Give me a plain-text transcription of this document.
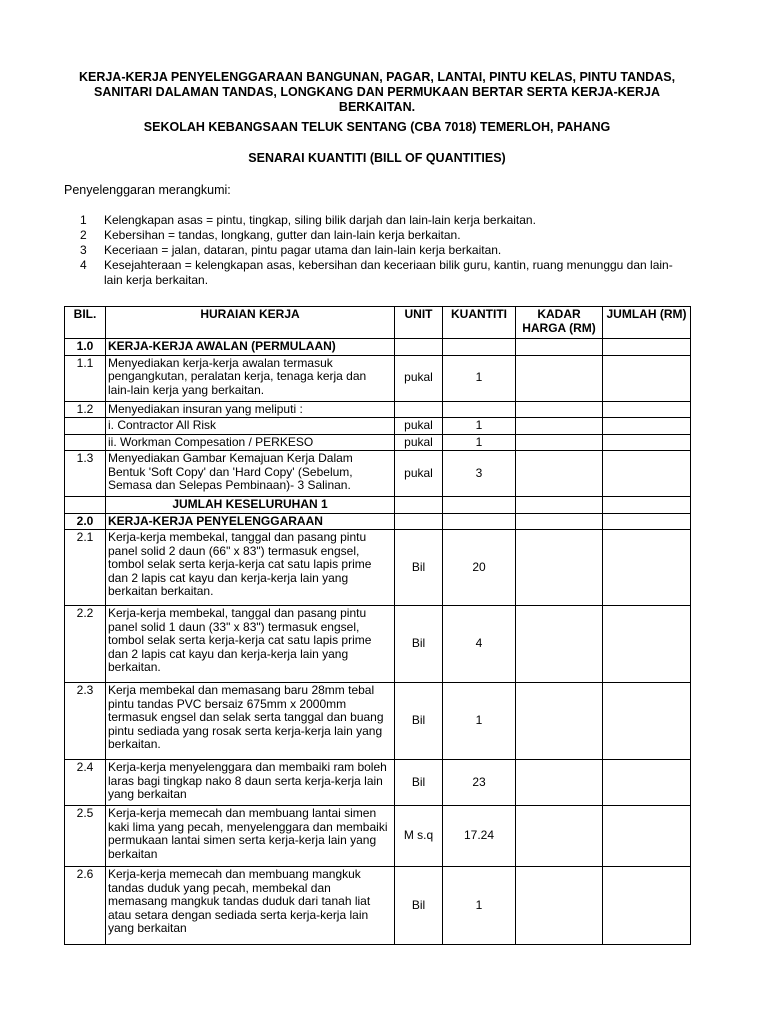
KERJA-KERJA PENYELENGGARAAN BANGUNAN, PAGAR, LANTAI, PINTU KELAS, PINTU TANDAS, SANITARI DALAMAN TANDAS, LONGKANG DAN PERMUKAAN BERTAR SERTA KERJA-KERJA BERKAITAN.
SEKOLAH KEBANGSAAN TELUK SENTANG (CBA 7018) TEMERLOH, PAHANG
SENARAI KUANTITI (BILL OF QUANTITIES)
Penyelenggaran merangkumi:
1	Kelengkapan asas = pintu, tingkap, siling bilik darjah dan lain-lain kerja berkaitan.
2	Kebersihan = tandas, longkang, gutter dan lain-lain kerja berkaitan.
3	Keceriaan = jalan, dataran, pintu pagar utama dan lain-lain kerja berkaitan.
4	Kesejahteraan = kelengkapan asas, kebersihan dan keceriaan bilik guru, kantin, ruang menunggu dan lain-lain kerja berkaitan.
BIL.	HURAIAN KERJA	UNIT	KUANTITI	KADAR HARGA (RM)	JUMLAH (RM)
1.0	KERJA-KERJA AWALAN (PERMULAAN)				
1.1	Menyediakan kerja-kerja awalan termasuk pengangkutan, peralatan kerja, tenaga kerja dan lain-lain kerja yang berkaitan.	pukal	1		
1.2	Menyediakan insuran yang meliputi :				
	i. Contractor All Risk	pukal	1		
	ii. Workman Compesation / PERKESO	pukal	1		
1.3	Menyediakan Gambar Kemajuan Kerja Dalam Bentuk 'Soft Copy' dan 'Hard Copy' (Sebelum, Semasa dan Selepas Pembinaan)- 3 Salinan.	pukal	3		
	JUMLAH KESELURUHAN 1				
2.0	KERJA-KERJA PENYELENGGARAAN				
2.1	Kerja-kerja membekal, tanggal dan pasang pintu panel solid 2 daun (66" x 83") termasuk engsel, tombol selak serta kerja-kerja cat satu lapis prime dan 2 lapis cat kayu dan kerja-kerja lain yang berkaitan berkaitan.	Bil	20		
2.2	Kerja-kerja membekal, tanggal dan pasang pintu panel solid 1 daun (33" x 83") termasuk engsel, tombol selak serta kerja-kerja cat satu lapis prime dan 2 lapis cat kayu dan kerja-kerja lain yang berkaitan.	Bil	4		
2.3	Kerja membekal dan memasang baru 28mm tebal pintu tandas PVC bersaiz 675mm x 2000mm termasuk engsel dan selak serta tanggal dan buang pintu sediada yang rosak serta kerja-kerja lain yang berkaitan.	Bil	1		
2.4	Kerja-kerja menyelenggara dan membaiki ram boleh laras bagi tingkap nako 8 daun serta kerja-kerja lain yang berkaitan	Bil	23		
2.5	Kerja-kerja memecah dan membuang lantai simen kaki lima yang pecah, menyelenggara dan membaiki permukaan lantai simen serta kerja-kerja lain yang berkaitan	M s.q	17.24		
2.6	Kerja-kerja memecah dan membuang mangkuk tandas duduk yang pecah, membekal dan memasang mangkuk tandas duduk dari tanah liat atau setara dengan sediada serta kerja-kerja lain yang berkaitan	Bil	1		
